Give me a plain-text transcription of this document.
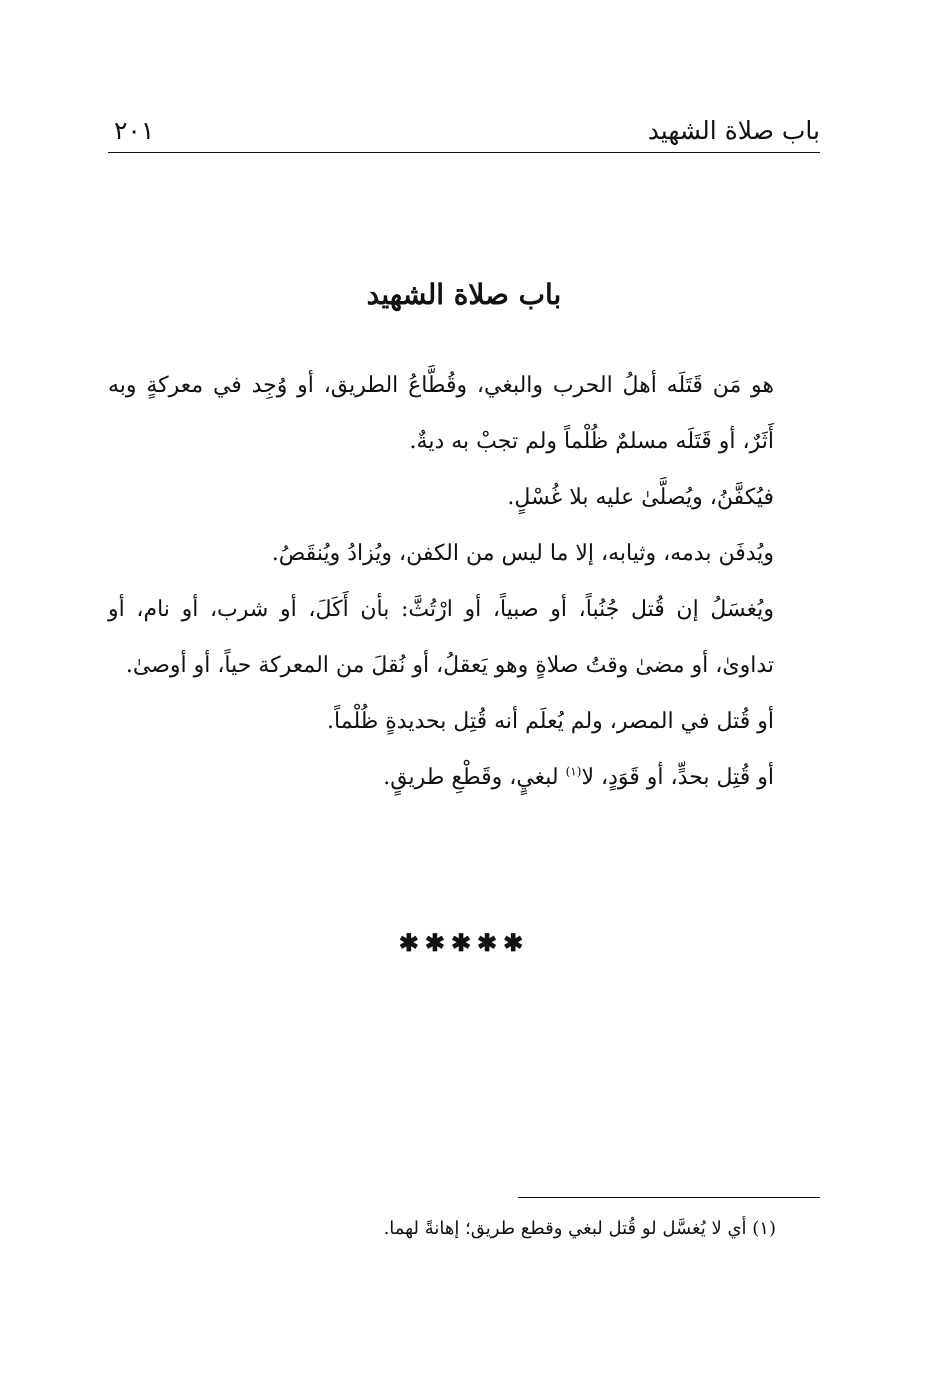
باب صلاة الشهيد
٢٠١
باب صلاة الشهيد

هو مَن قَتَلَه أهلُ الحرب والبغي، وقُطَّاعُ الطريق، أو وُجِد في معركةٍ وبه أَثَرٌ، أو قَتَلَه مسلمٌ ظُلْماً ولم تجبْ به ديةٌ.

فيُكفَّنُ، ويُصلَّىٰ عليه بلا غُسْلٍ.

ويُدفَن بدمه، وثيابه، إلا ما ليس من الكفن، ويُزادُ ويُنقَصُ.

ويُغسَلُ إن قُتل جُنُباً، أو صبياً، أو ارْتُثَّ: بأن أَكَلَ، أو شرب، أو نام، أو تداوىٰ، أو مضىٰ وقتُ صلاةٍ وهو يَعقلُ، أو نُقلَ من المعركة حياً، أو أوصىٰ.

أو قُتل في المصر، ولم يُعلَم أنه قُتِل بحديدةٍ ظُلْماً.

أو قُتِل بحدٍّ، أو قَوَدٍ، لا$^{(١)}$ لبغيٍ، وقَطْعِ طريقٍ.

✱✱✱✱✱
(١) أي لا يُغسَّل لو قُتل لبغي وقطع طريق؛ إهانةً لهما.
